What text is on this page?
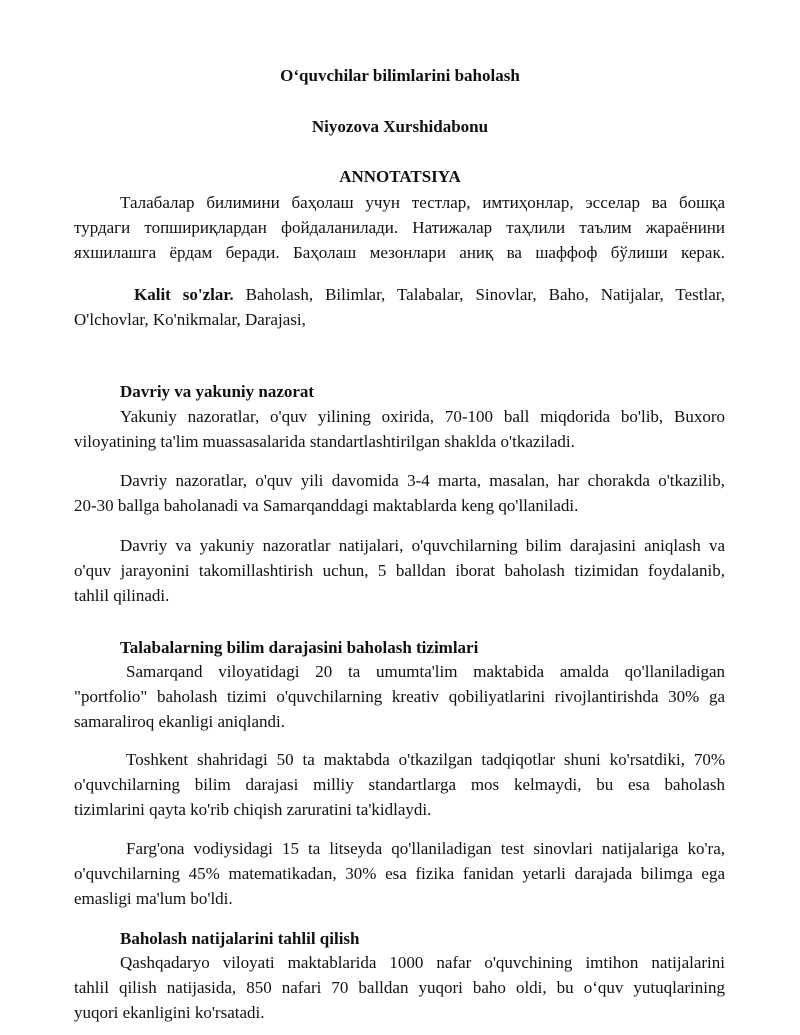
Oʻquvchilar bilimlarini baholash
Niyozova Xurshidabonu
ANNOTATSIYA
Талабалар билимини баҳолаш учун тестлар, имтиҳонлар, эсселар ва бошқа
турдаги топшириқлардан фойдаланилади. Натижалар таҳлили таълим жараёнини
яхшилашга ёрдам беради. Баҳолаш мезонлари аниқ ва шаффоф бўлиши керак.
Kalit so'zlar. Baholash, Bilimlar, Talabalar, Sinovlar, Baho, Natijalar, Testlar,
O'lchovlar, Ko'nikmalar, Darajasi,
Davriy va yakuniy nazorat
Yakuniy nazoratlar, o'quv yilining oxirida, 70-100 ball miqdorida bo'lib, Buxoro
viloyatining ta'lim muassasalarida standartlashtirilgan shaklda o'tkaziladi.
Davriy nazoratlar, o'quv yili davomida 3-4 marta, masalan, har chorakda o'tkazilib,
20-30 ballga baholanadi va Samarqanddagi maktablarda keng qo'llaniladi.
Davriy va yakuniy nazoratlar natijalari, o'quvchilarning bilim darajasini aniqlash va
o'quv jarayonini takomillashtirish uchun, 5 balldan iborat baholash tizimidan foydalanib,
tahlil qilinadi.
Talabalarning bilim darajasini baholash tizimlari
Samarqand viloyatidagi 20 ta umumta'lim maktabida amalda qo'llaniladigan
"portfolio" baholash tizimi o'quvchilarning kreativ qobiliyatlarini rivojlantirishda 30% ga
samaraliroq ekanligi aniqlandi.
Toshkent shahridagi 50 ta maktabda o'tkazilgan tadqiqotlar shuni ko'rsatdiki, 70%
o'quvchilarning bilim darajasi milliy standartlarga mos kelmaydi, bu esa baholash
tizimlarini qayta ko'rib chiqish zaruratini ta'kidlaydi.
Farg'ona vodiysidagi 15 ta litseyda qo'llaniladigan test sinovlari natijalariga ko'ra,
o'quvchilarning 45% matematikadan, 30% esa fizika fanidan yetarli darajada bilimga ega
emasligi ma'lum bo'ldi.
Baholash natijalarini tahlil qilish
Qashqadaryo viloyati maktablarida 1000 nafar o'quvchining imtihon natijalarini
tahlil qilish natijasida, 850 nafari 70 balldan yuqori baho oldi, bu oʻquv yutuqlarining
yuqori ekanligini ko'rsatadi.
